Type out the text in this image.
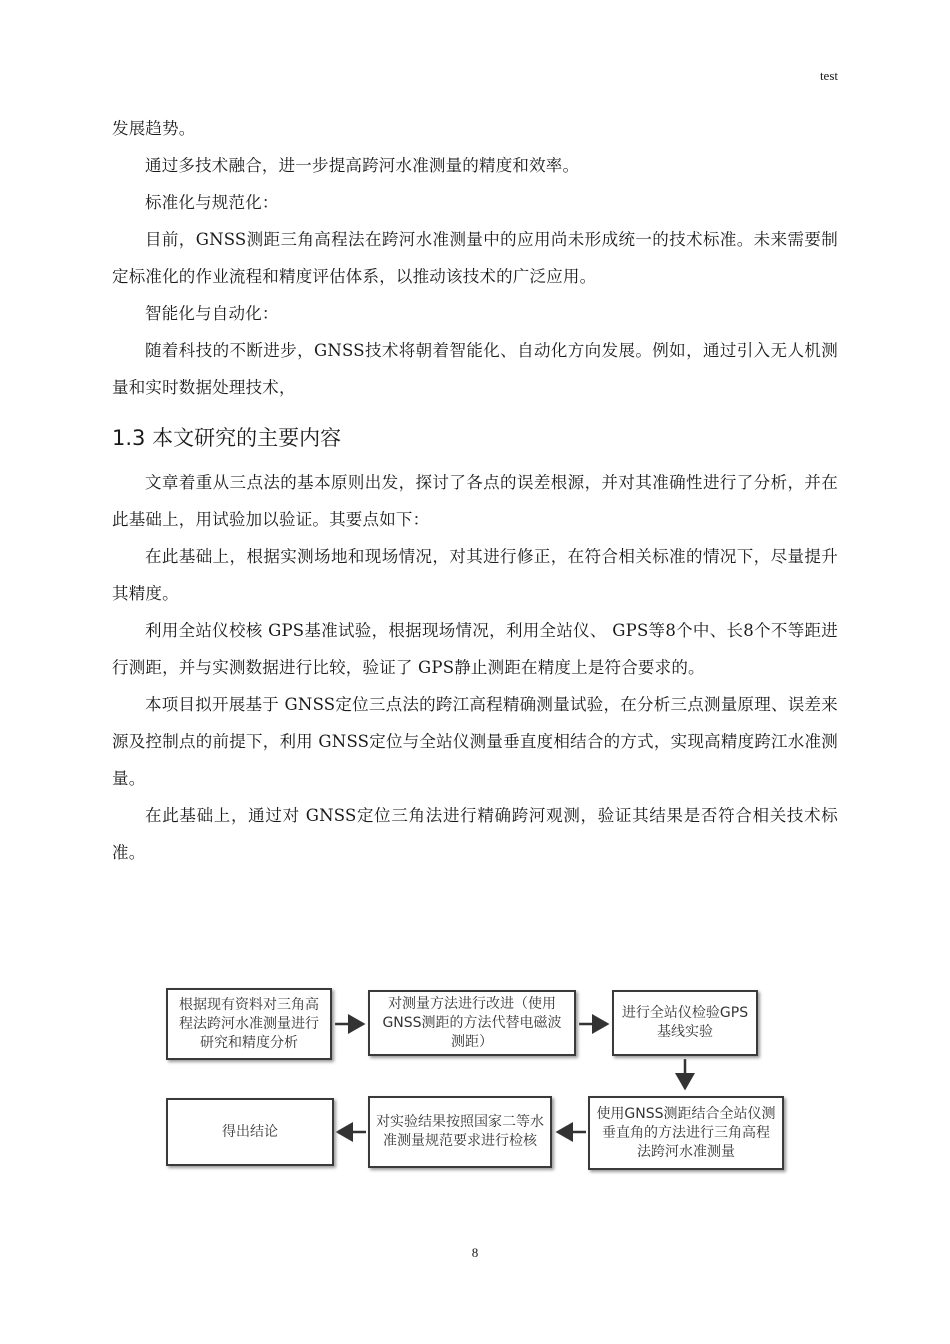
test

发展趋势。

通过多技术融合，进一步提高跨河水准测量的精度和效率。

标准化与规范化：

目前，GNSS测距三角高程法在跨河水准测量中的应用尚未形成统一的技术标准。未来需要制定标准化的作业流程和精度评估体系，以推动该技术的广泛应用。

智能化与自动化：

随着科技的不断进步，GNSS技术将朝着智能化、自动化方向发展。例如，通过引入无人机测量和实时数据处理技术，

1.3 本文研究的主要内容

文章着重从三点法的基本原则出发，探讨了各点的误差根源，并对其准确性进行了分析，并在此基础上，用试验加以验证。其要点如下：

在此基础上，根据实测场地和现场情况，对其进行修正，在符合相关标准的情况下，尽量提升其精度。

利用全站仪校核 GPS基准试验，根据现场情况，利用全站仪、 GPS等8个中、长8个不等距进行测距，并与实测数据进行比较，验证了 GPS静止测距在精度上是符合要求的。

本项目拟开展基于 GNSS定位三点法的跨江高程精确测量试验，在分析三点测量原理、误差来源及控制点的前提下，利用 GNSS定位与全站仪测量垂直度相结合的方式，实现高精度跨江水准测量。

在此基础上，通过对 GNSS定位三角法进行精确跨河观测，验证其结果是否符合相关技术标准。

根据现有资料对三角高程法跨河水准测量进行研究和精度分析
对测量方法进行改进（使用GNSS测距的方法代替电磁波测距）
进行全站仪检验GPS基线实验
使用GNSS测距结合全站仪测垂直角的方法进行三角高程法跨河水准测量
对实验结果按照国家二等水准测量规范要求进行检核
得出结论
8
